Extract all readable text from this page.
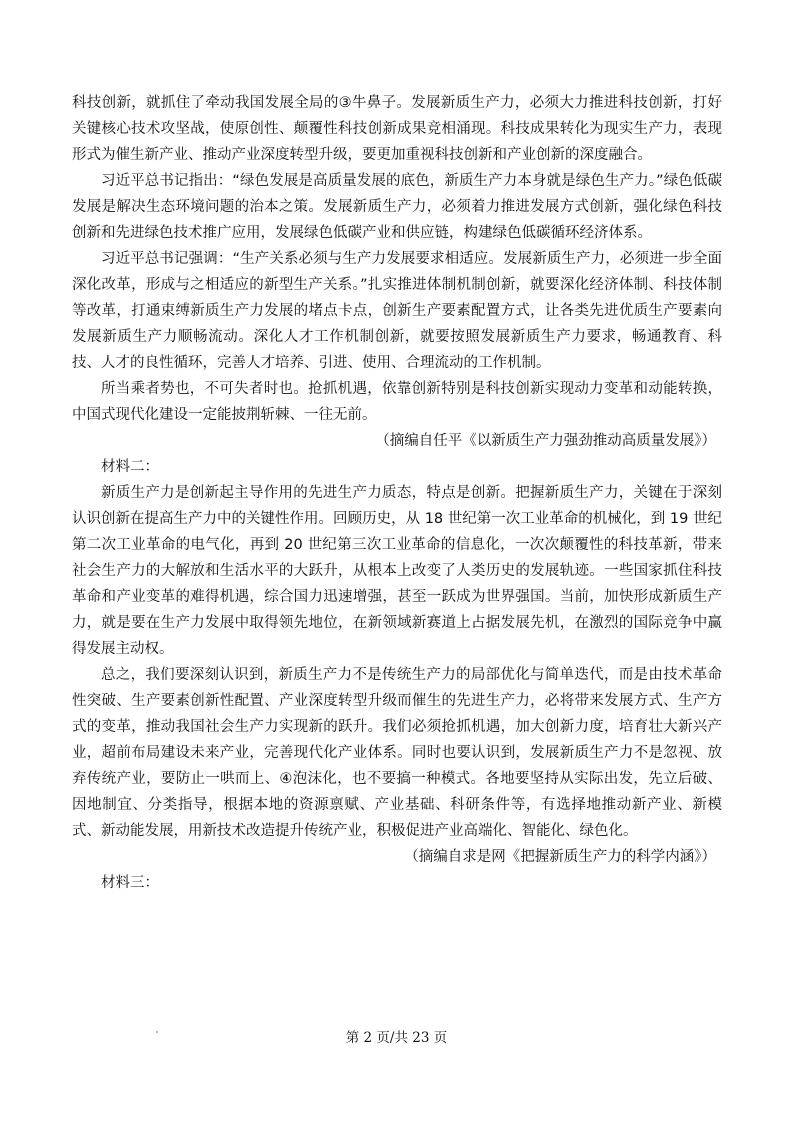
科技创新，就抓住了牵动我国发展全局的③牛鼻子。发展新质生产力，必须大力推进科技创新，打好关键核心技术攻坚战，使原创性、颠覆性科技创新成果竞相涌现。科技成果转化为现实生产力，表现形式为催生新产业、推动产业深度转型升级，要更加重视科技创新和产业创新的深度融合。

习近平总书记指出：“绿色发展是高质量发展的底色，新质生产力本身就是绿色生产力。”绿色低碳发展是解决生态环境问题的治本之策。发展新质生产力，必须着力推进发展方式创新，强化绿色科技创新和先进绿色技术推广应用，发展绿色低碳产业和供应链，构建绿色低碳循环经济体系。

习近平总书记强调：“生产关系必须与生产力发展要求相适应。发展新质生产力，必须进一步全面深化改革，形成与之相适应的新型生产关系。”扎实推进体制机制创新，就要深化经济体制、科技体制等改革，打通束缚新质生产力发展的堵点卡点，创新生产要素配置方式，让各类先进优质生产要素向发展新质生产力顺畅流动。深化人才工作机制创新，就要按照发展新质生产力要求，畅通教育、科技、人才的良性循环，完善人才培养、引进、使用、合理流动的工作机制。

所当乘者势也，不可失者时也。抢抓机遇，依靠创新特别是科技创新实现动力变革和动能转换，中国式现代化建设一定能披荆斩棘、一往无前。

（摘编自任平《以新质生产力强劲推动高质量发展》）

材料二：

新质生产力是创新起主导作用的先进生产力质态，特点是创新。把握新质生产力，关键在于深刻认识创新在提高生产力中的关键性作用。回顾历史，从 18 世纪第一次工业革命的机械化，到 19 世纪第二次工业革命的电气化，再到 20 世纪第三次工业革命的信息化，一次次颠覆性的科技革新，带来社会生产力的大解放和生活水平的大跃升，从根本上改变了人类历史的发展轨迹。一些国家抓住科技革命和产业变革的难得机遇，综合国力迅速增强，甚至一跃成为世界强国。当前，加快形成新质生产力，就是要在生产力发展中取得领先地位，在新领域新赛道上占据发展先机，在激烈的国际竞争中赢得发展主动权。

总之，我们要深刻认识到，新质生产力不是传统生产力的局部优化与简单迭代，而是由技术革命性突破、生产要素创新性配置、产业深度转型升级而催生的先进生产力，必将带来发展方式、生产方式的变革，推动我国社会生产力实现新的跃升。我们必须抢抓机遇，加大创新力度，培育壮大新兴产业，超前布局建设未来产业，完善现代化产业体系。同时也要认识到，发展新质生产力不是忽视、放弃传统产业，要防止一哄而上、④泡沫化，也不要搞一种模式。各地要坚持从实际出发，先立后破、因地制宜、分类指导，根据本地的资源禀赋、产业基础、科研条件等，有选择地推动新产业、新模式、新动能发展，用新技术改造提升传统产业，积极促进产业高端化、智能化、绿色化。

（摘编自求是网《把握新质生产力的科学内涵》）

材料三：

第 2 页/共 23 页
